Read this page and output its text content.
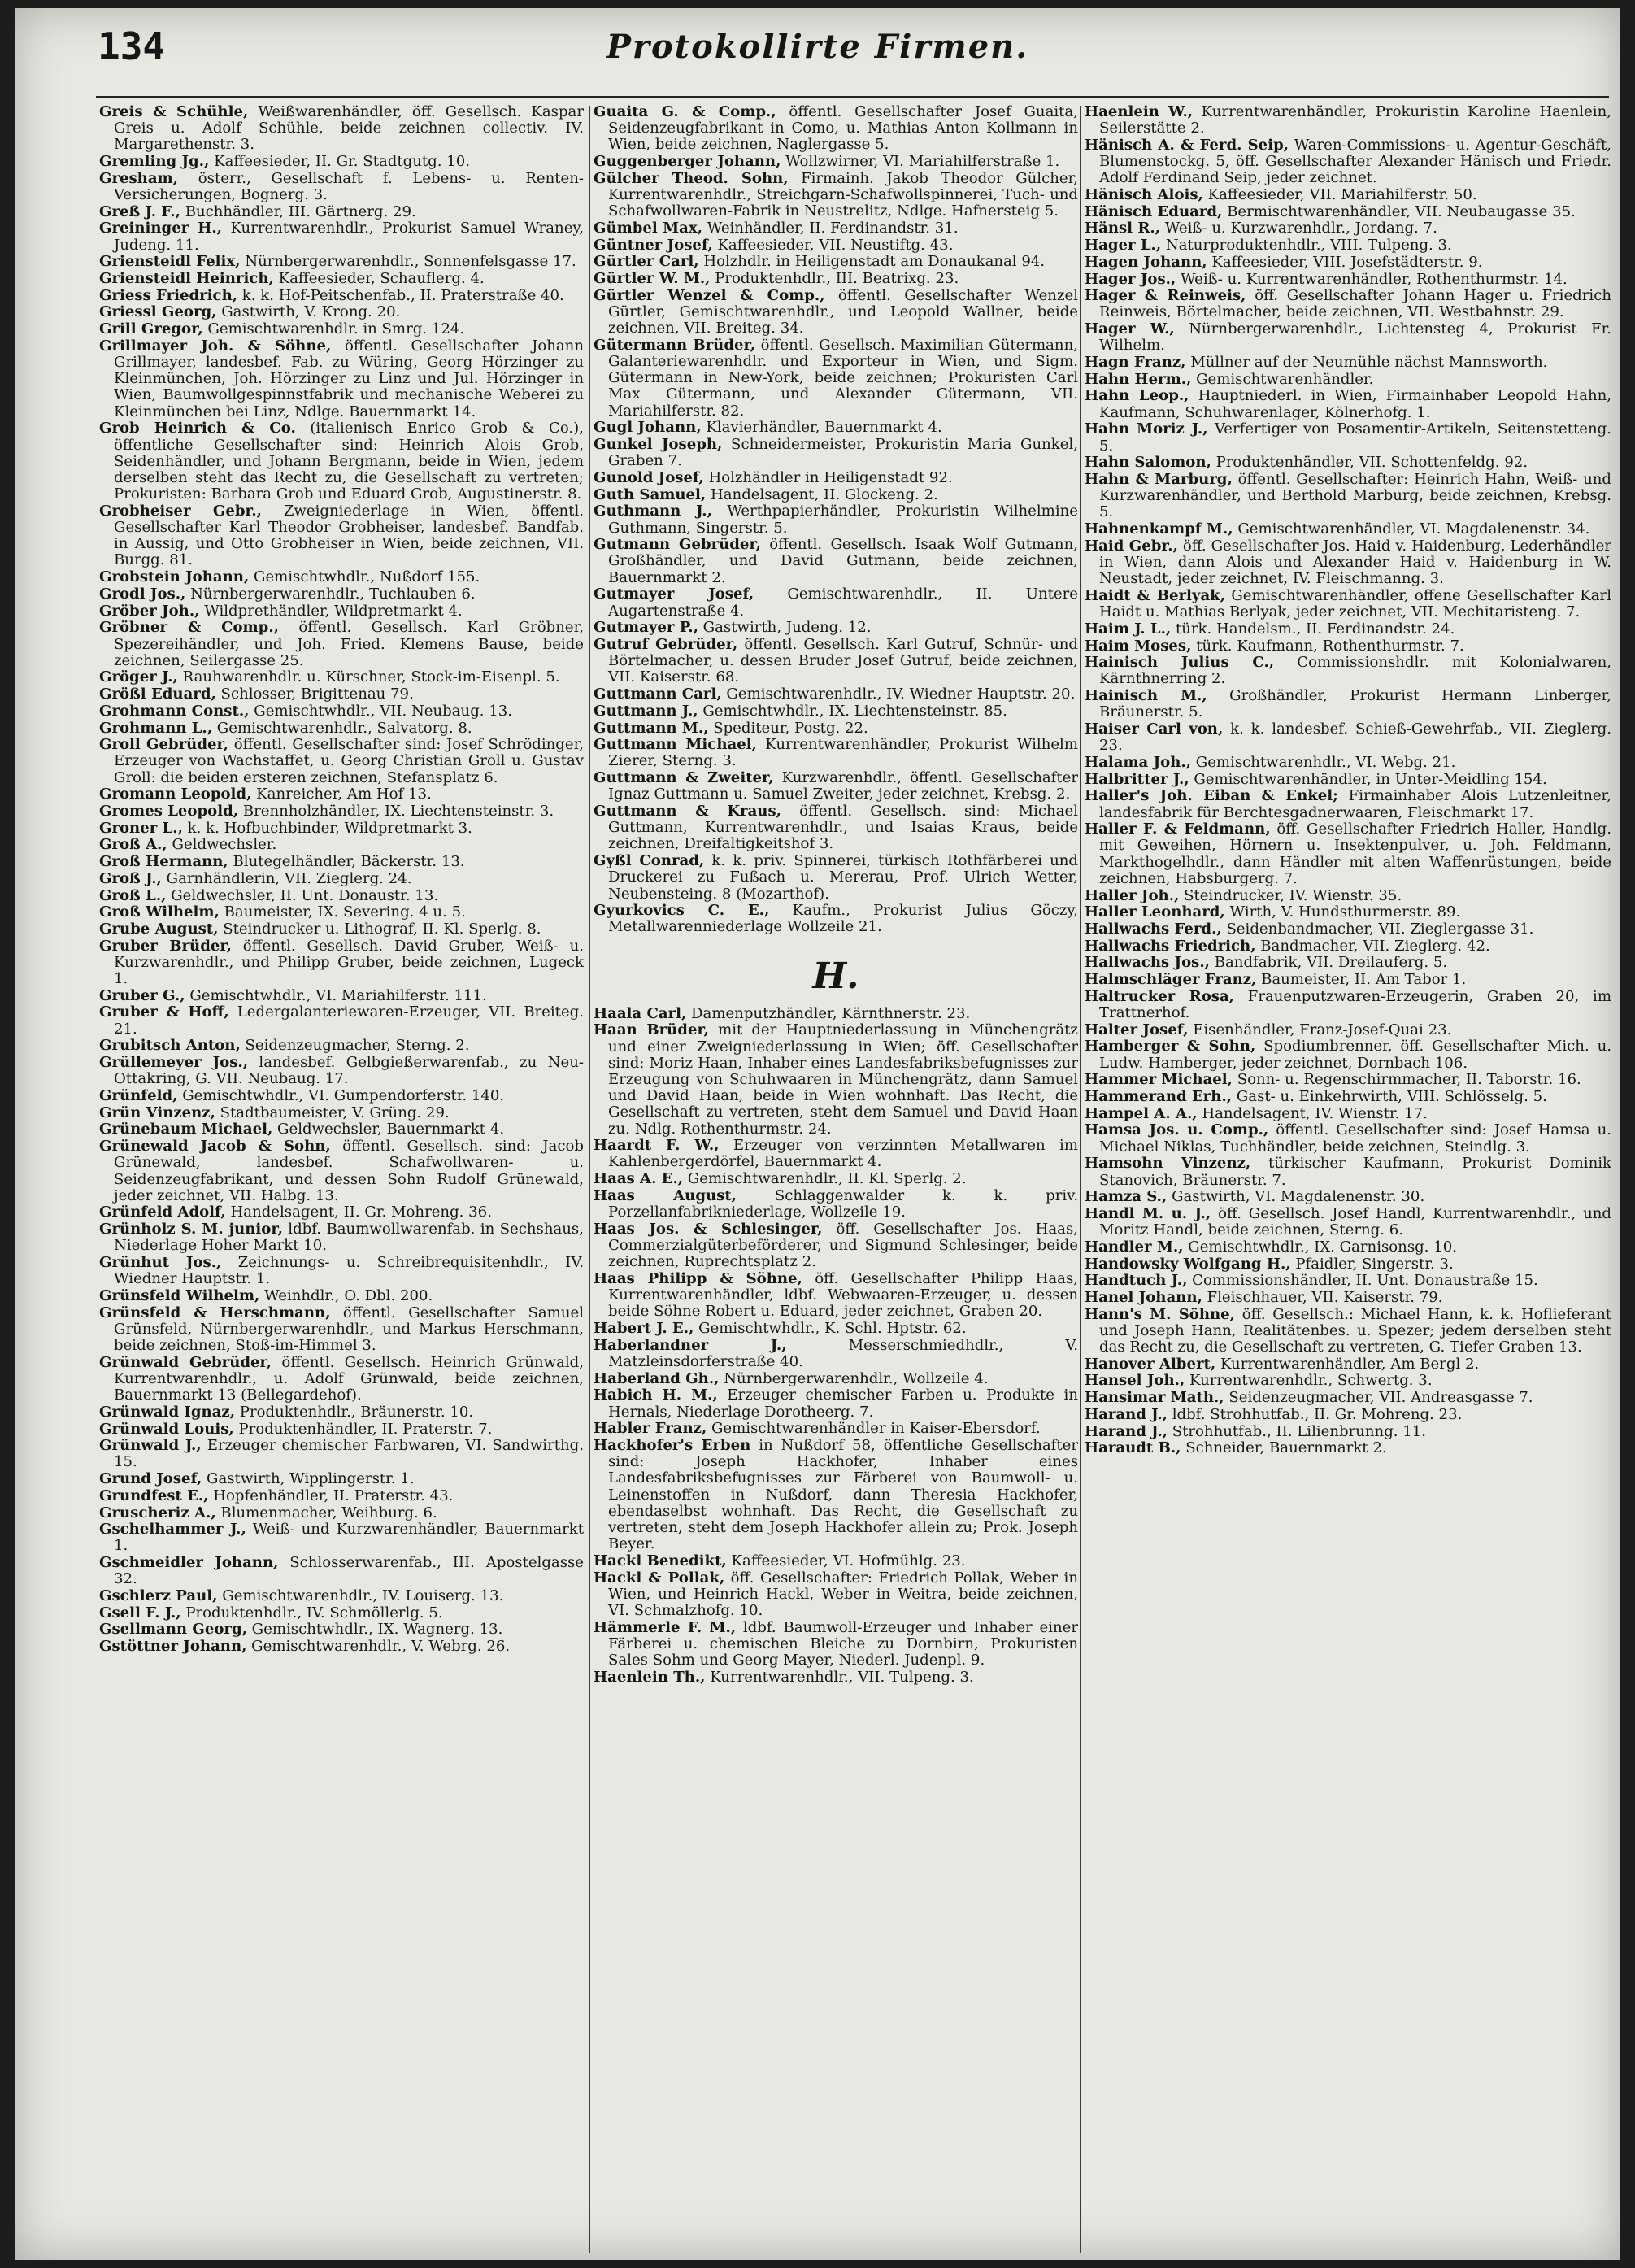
134	Protokollirte Firmen.

Greis & Schühle, Weißwarenhändler, öff. Gesellsch. Kaspar Greis u. Adolf Schühle, beide zeichnen collectiv. IV. Margarethenstr. 3.

Gremling Jg., Kaffeesieder, II. Gr. Stadtgutg. 10.

Gresham, österr., Gesellschaft f. Lebens- u. Renten-Versicherungen, Bognerg. 3.

Greß J. F., Buchhändler, III. Gärtnerg. 29.

Greininger H., Kurrentwarenhdlr., Prokurist Samuel Wraney, Judeng. 11.

Griensteidl Felix, Nürnbergerwarenhdlr., Sonnenfelsgasse 17.

Griensteidl Heinrich, Kaffeesieder, Schauflerg. 4.

Griess Friedrich, k. k. Hof-Peitschenfab., II. Praterstraße 40.

Griessl Georg, Gastwirth, V. Krong. 20.

Grill Gregor, Gemischtwarenhdlr. in Smrg. 124.

Grillmayer Joh. & Söhne, öffentl. Gesellschafter Johann Grillmayer, landesbef. Fab. zu Würing, Georg Hörzinger zu Kleinmünchen, Joh. Hörzinger zu Linz und Jul. Hörzinger in Wien, Baumwollgespinnstfabrik und mechanische Weberei zu Kleinmünchen bei Linz, Ndlge. Bauernmarkt 14.

Grob Heinrich & Co. (italienisch Enrico Grob & Co.), öffentliche Gesellschafter sind: Heinrich Alois Grob, Seidenhändler, und Johann Bergmann, beide in Wien, jedem derselben steht das Recht zu, die Gesellschaft zu vertreten; Prokuristen: Barbara Grob und Eduard Grob, Augustinerstr. 8.

Grobheiser Gebr., Zweigniederlage in Wien, öffentl. Gesellschafter Karl Theodor Grobheiser, landesbef. Bandfab. in Aussig, und Otto Grobheiser in Wien, beide zeichnen, VII. Burgg. 81.

Grobstein Johann, Gemischtwhdlr., Nußdorf 155.

Grodl Jos., Nürnbergerwarenhdlr., Tuchlauben 6.

Gröber Joh., Wildprethändler, Wildpretmarkt 4.

Gröbner & Comp., öffentl. Gesellsch. Karl Gröbner, Spezereihändler, und Joh. Fried. Klemens Bause, beide zeichnen, Seilergasse 25.

Gröger J., Rauhwarenhdlr. u. Kürschner, Stock-im-Eisenpl. 5.

Größl Eduard, Schlosser, Brigittenau 79.

Grohmann Const., Gemischtwhdlr., VII. Neubaug. 13.

Grohmann L., Gemischtwarenhdlr., Salvatorg. 8.

Groll Gebrüder, öffentl. Gesellschafter sind: Josef Schrödinger, Erzeuger von Wachstaffet, u. Georg Christian Groll u. Gustav Groll: die beiden ersteren zeichnen, Stefansplatz 6.

Gromann Leopold, Kanreicher, Am Hof 13.

Gromes Leopold, Brennholzhändler, IX. Liechtensteinstr. 3.

Groner L., k. k. Hofbuchbinder, Wildpretmarkt 3.

Groß A., Geldwechsler.

Groß Hermann, Blutegelhändler, Bäckerstr. 13.

Groß J., Garnhändlerin, VII. Zieglerg. 24.

Groß L., Geldwechsler, II. Unt. Donaustr. 13.

Groß Wilhelm, Baumeister, IX. Severing. 4 u. 5.

Grube August, Steindrucker u. Lithograf, II. Kl. Sperlg. 8.

Gruber Brüder, öffentl. Gesellsch. David Gruber, Weiß- u. Kurzwarenhdlr., und Philipp Gruber, beide zeichnen, Lugeck 1.

Gruber G., Gemischtwhdlr., VI. Mariahilferstr. 111.

Gruber & Hoff, Ledergalanteriewaren-Erzeuger, VII. Breiteg. 21.

Grubitsch Anton, Seidenzeugmacher, Sterng. 2.

Grüllemeyer Jos., landesbef. Gelbgießerwarenfab., zu Neu-Ottakring, G. VII. Neubaug. 17.

Grünfeld, Gemischtwhdlr., VI. Gumpendorferstr. 140.

Grün Vinzenz, Stadtbaumeister, V. Grüng. 29.

Grünebaum Michael, Geldwechsler, Bauernmarkt 4.

Grünewald Jacob & Sohn, öffentl. Gesellsch. sind: Jacob Grünewald, landesbef. Schafwollwaren- u. Seidenzeugfabrikant, und dessen Sohn Rudolf Grünewald, jeder zeichnet, VII. Halbg. 13.

Grünfeld Adolf, Handelsagent, II. Gr. Mohreng. 36.

Grünholz S. M. junior, ldbf. Baumwollwarenfab. in Sechshaus, Niederlage Hoher Markt 10.

Grünhut Jos., Zeichnungs- u. Schreibrequisitenhdlr., IV. Wiedner Hauptstr. 1.

Grünsfeld Wilhelm, Weinhdlr., O. Dbl. 200.

Grünsfeld & Herschmann, öffentl. Gesellschafter Samuel Grünsfeld, Nürnbergerwarenhdlr., und Markus Herschmann, beide zeichnen, Stoß-im-Himmel 3.

Grünwald Gebrüder, öffentl. Gesellsch. Heinrich Grünwald, Kurrentwarenhdlr., u. Adolf Grünwald, beide zeichnen, Bauernmarkt 13 (Bellegardehof).

Grünwald Ignaz, Produktenhdlr., Bräunerstr. 10.

Grünwald Louis, Produktenhändler, II. Praterstr. 7.

Grünwald J., Erzeuger chemischer Farbwaren, VI. Sandwirthg. 15.

Grund Josef, Gastwirth, Wipplingerstr. 1.

Grundfest E., Hopfenhändler, II. Praterstr. 43.

Gruscheriz A., Blumenmacher, Weihburg. 6.

Gschelhammer J., Weiß- und Kurzwarenhändler, Bauernmarkt 1.

Gschmeidler Johann, Schlosserwarenfab., III. Apostelgasse 32.

Gschlerz Paul, Gemischtwarenhdlr., IV. Louiserg. 13.

Gsell F. J., Produktenhdlr., IV. Schmöllerlg. 5.

Gsellmann Georg, Gemischtwhdlr., IX. Wagnerg. 13.

Gstöttner Johann, Gemischtwarenhdlr., V. Webrg. 26.

Guaita G. & Comp., öffentl. Gesellschafter Josef Guaita, Seidenzeugfabrikant in Como, u. Mathias Anton Kollmann in Wien, beide zeichnen, Naglergasse 5.

Guggenberger Johann, Wollzwirner, VI. Mariahilferstraße 1.

Gülcher Theod. Sohn, Firmainh. Jakob Theodor Gülcher, Kurrentwarenhdlr., Streichgarn-Schafwollspinnerei, Tuch- und Schafwollwaren-Fabrik in Neustrelitz, Ndlge. Hafnersteig 5.

Gümbel Max, Weinhändler, II. Ferdinandstr. 31.

Güntner Josef, Kaffeesieder, VII. Neustiftg. 43.

Gürtler Carl, Holzhdlr. in Heiligenstadt am Donaukanal 94.

Gürtler W. M., Produktenhdlr., III. Beatrixg. 23.

Gürtler Wenzel & Comp., öffentl. Gesellschafter Wenzel Gürtler, Gemischtwarenhdlr., und Leopold Wallner, beide zeichnen, VII. Breiteg. 34.

Gütermann Brüder, öffentl. Gesellsch. Maximilian Gütermann, Galanteriewarenhdlr. und Exporteur in Wien, und Sigm. Gütermann in New-York, beide zeichnen; Prokuristen Carl Max Gütermann, und Alexander Gütermann, VII. Mariahilferstr. 82.

Gugl Johann, Klavierhändler, Bauernmarkt 4.

Gunkel Joseph, Schneidermeister, Prokuristin Maria Gunkel, Graben 7.

Gunold Josef, Holzhändler in Heiligenstadt 92.

Guth Samuel, Handelsagent, II. Glockeng. 2.

Guthmann J., Werthpapierhändler, Prokuristin Wilhelmine Guthmann, Singerstr. 5.

Gutmann Gebrüder, öffentl. Gesellsch. Isaak Wolf Gutmann, Großhändler, und David Gutmann, beide zeichnen, Bauernmarkt 2.

Gutmayer Josef, Gemischtwarenhdlr., II. Untere Augartenstraße 4.

Gutmayer P., Gastwirth, Judeng. 12.

Gutruf Gebrüder, öffentl. Gesellsch. Karl Gutruf, Schnür- und Börtelmacher, u. dessen Bruder Josef Gutruf, beide zeichnen, VII. Kaiserstr. 68.

Guttmann Carl, Gemischtwarenhdlr., IV. Wiedner Hauptstr. 20.

Guttmann J., Gemischtwhdlr., IX. Liechtensteinstr. 85.

Guttmann M., Spediteur, Postg. 22.

Guttmann Michael, Kurrentwarenhändler, Prokurist Wilhelm Zierer, Sterng. 3.

Guttmann & Zweiter, Kurzwarenhdlr., öffentl. Gesellschafter Ignaz Guttmann u. Samuel Zweiter, jeder zeichnet, Krebsg. 2.

Guttmann & Kraus, öffentl. Gesellsch. sind: Michael Guttmann, Kurrentwarenhdlr., und Isaias Kraus, beide zeichnen, Dreifaltigkeitshof 3.

Gyßl Conrad, k. k. priv. Spinnerei, türkisch Rothfärberei und Druckerei zu Fußach u. Mererau, Prof. Ulrich Wetter, Neubensteing. 8 (Mozarthof).

Gyurkovics C. E., Kaufm., Prokurist Julius Göczy, Metallwarenniederlage Wollzeile 21.

H.

Haala Carl, Damenputzhändler, Kärnthnerstr. 23.

Haan Brüder, mit der Hauptniederlassung in Münchengrätz und einer Zweigniederlassung in Wien; öff. Gesellschafter sind: Moriz Haan, Inhaber eines Landesfabriksbefugnisses zur Erzeugung von Schuhwaaren in Münchengrätz, dann Samuel und David Haan, beide in Wien wohnhaft. Das Recht, die Gesellschaft zu vertreten, steht dem Samuel und David Haan zu. Ndlg. Rothenthurmstr. 24.

Haardt F. W., Erzeuger von verzinnten Metallwaren im Kahlenbergerdörfel, Bauernmarkt 4.

Haas A. E., Gemischtwarenhdlr., II. Kl. Sperlg. 2.

Haas August,	Schlaggenwalder k. k. priv. Porzellanfabrikniederlage, Wollzeile 19.

Haas Jos. & Schlesinger, öff. Gesellschafter Jos. Haas, Commerzialgüterbeförderer, und Sigmund Schlesinger, beide zeichnen, Ruprechtsplatz 2.

Haas Philipp & Söhne, öff. Gesellschafter Philipp Haas, Kurrentwarenhändler, ldbf. Webwaaren-Erzeuger, u. dessen beide Söhne Robert u. Eduard, jeder zeichnet, Graben 20.

Habert J. E., Gemischtwhdlr., K. Schl. Hptstr. 62.

Haberlandner J.,	Messerschmiedhdlr., V. Matzleinsdorferstraße 40.

Haberland Gh., Nürnbergerwarenhdlr., Wollzeile 4.

Habich H. M., Erzeuger chemischer Farben u. Produkte in Hernals, Niederlage Dorotheerg. 7.

Habler Franz, Gemischtwarenhändler in Kaiser-Ebersdorf.

Hackhofer's Erben in Nußdorf 58, öffentliche Gesellschafter sind: Joseph Hackhofer, Inhaber eines Landesfabriksbefugnisses zur Färberei von Baumwoll- u. Leinenstoffen in Nußdorf, dann Theresia Hackhofer, ebendaselbst wohnhaft. Das Recht, die Gesellschaft zu vertreten, steht dem Joseph Hackhofer allein zu; Prok. Joseph Beyer.

Hackl Benedikt, Kaffeesieder, VI. Hofmühlg. 23.

Hackl & Pollak, öff. Gesellschafter: Friedrich Pollak, Weber in Wien, und Heinrich Hackl, Weber in Weitra, beide zeichnen, VI. Schmalzhofg. 10.

Hämmerle F. M., ldbf. Baumwoll-Erzeuger und Inhaber einer Färberei u. chemischen Bleiche zu Dornbirn, Prokuristen Sales Sohm und Georg Mayer, Niederl. Judenpl. 9.

Haenlein Th., Kurrentwarenhdlr., VII. Tulpeng. 3.

Haenlein W., Kurrentwarenhändler, Prokuristin Karoline Haenlein, Seilerstätte 2.

Hänisch A. & Ferd. Seip, Waren-Commissions- u. Agentur-Geschäft, Blumenstockg. 5, öff. Gesellschafter Alexander Hänisch und Friedr. Adolf Ferdinand Seip, jeder zeichnet.

Hänisch Alois, Kaffeesieder, VII. Mariahilferstr. 50.

Hänisch Eduard, Bermischtwarenhändler, VII. Neubaugasse 35.

Hänsl R., Weiß- u. Kurzwarenhdlr., Jordang. 7.

Hager L., Naturproduktenhdlr., VIII. Tulpeng. 3.

Hagen Johann, Kaffeesieder, VIII. Josefstädterstr. 9.

Hager Jos., Weiß- u. Kurrentwarenhändler, Rothenthurmstr. 14.

Hager & Reinweis, öff. Gesellschafter Johann Hager u. Friedrich Reinweis, Börtelmacher, beide zeichnen, VII. Westbahnstr. 29.

Hager W., Nürnbergerwarenhdlr., Lichtensteg 4, Prokurist Fr. Wilhelm.

Hagn Franz, Müllner auf der Neumühle nächst Mannsworth.

Hahn Herm., Gemischtwarenhändler.

Hahn Leop., Hauptniederl. in Wien, Firmainhaber Leopold Hahn, Kaufmann, Schuhwarenlager, Kölnerhofg. 1.

Hahn Moriz J., Verfertiger von Posamentir-Artikeln, Seitenstetteng. 5.

Hahn Salomon, Produktenhändler, VII. Schottenfeldg. 92.

Hahn & Marburg, öffentl. Gesellschafter: Heinrich Hahn, Weiß- und Kurzwarenhändler, und Berthold Marburg, beide zeichnen, Krebsg. 5.

Hahnenkampf M., Gemischtwarenhändler, VI. Magdalenenstr. 34.

Haid Gebr., öff. Gesellschafter Jos. Haid v. Haidenburg, Lederhändler in Wien, dann Alois und Alexander Haid v. Haidenburg in W. Neustadt, jeder zeichnet, IV. Fleischmanng. 3.

Haidt & Berlyak, Gemischtwarenhändler, offene Gesellschafter Karl Haidt u. Mathias Berlyak, jeder zeichnet, VII. Mechitaristeng. 7.

Haim J. L., türk. Handelsm., II. Ferdinandstr. 24.

Haim Moses, türk. Kaufmann, Rothenthurmstr. 7.

Hainisch Julius C., Commissionshdlr. mit Kolonialwaren, Kärnthnerring 2.

Hainisch M., Großhändler, Prokurist Hermann Linberger, Bräunerstr. 5.

Haiser Carl von, k. k. landesbef. Schieß-Gewehrfab., VII. Zieglerg. 23.

Halama Joh., Gemischtwarenhdlr., VI. Webg. 21.

Halbritter J., Gemischtwarenhändler, in Unter-Meidling 154.

Haller's Joh. Eiban & Enkel; Firmainhaber Alois Lutzenleitner, landesfabrik für Berchtesgadnerwaaren, Fleischmarkt 17.

Haller F. & Feldmann, öff. Gesellschafter Friedrich Haller, Handlg. mit Geweihen, Hörnern u. Insektenpulver, u. Joh. Feldmann, Markthogelhdlr., dann Händler mit alten Waffenrüstungen, beide zeichnen, Habsburgerg. 7.

Haller Joh., Steindrucker, IV. Wienstr. 35.

Haller Leonhard, Wirth, V. Hundsthurmerstr. 89.

Hallwachs Ferd., Seidenbandmacher, VII. Zieglergasse 31.

Hallwachs Friedrich, Bandmacher, VII. Zieglerg. 42.

Hallwachs Jos., Bandfabrik, VII. Dreilauferg. 5.

Halmschläger Franz, Baumeister, II. Am Tabor 1.

Haltrucker Rosa, Frauenputzwaren-Erzeugerin, Graben 20, im Trattnerhof.

Halter Josef, Eisenhändler, Franz-Josef-Quai 23.

Hamberger & Sohn, Spodiumbrenner, öff. Gesellschafter Mich. u. Ludw. Hamberger, jeder zeichnet, Dornbach 106.

Hammer Michael, Sonn- u. Regenschirmmacher, II. Taborstr. 16.

Hammerand Erh., Gast- u. Einkehrwirth, VIII. Schlösselg. 5.

Hampel A. A., Handelsagent, IV. Wienstr. 17.

Hamsa Jos. u. Comp., öffentl. Gesellschafter sind: Josef Hamsa u. Michael Niklas, Tuchhändler, beide zeichnen, Steindlg. 3.

Hamsohn Vinzenz, türkischer Kaufmann, Prokurist Dominik Stanovich, Bräunerstr. 7.

Hamza S., Gastwirth, VI. Magdalenenstr. 30.

Handl M. u. J., öff. Gesellsch. Josef Handl, Kurrentwarenhdlr., und Moritz Handl, beide zeichnen, Sterng. 6.

Handler M., Gemischtwhdlr., IX. Garnisonsg. 10.

Handowsky Wolfgang H., Pfaidler, Singerstr. 3.

Handtuch J., Commissionshändler, II. Unt. Donaustraße 15.

Hanel Johann, Fleischhauer, VII. Kaiserstr. 79.

Hann's M. Söhne, öff. Gesellsch.: Michael Hann, k. k. Hoflieferant und Joseph Hann, Realitätenbes. u. Spezer; jedem derselben steht das Recht zu, die Gesellschaft zu vertreten, G. Tiefer Graben 13.

Hanover Albert, Kurrentwarenhändler, Am Bergl 2.

Hansel Joh., Kurrentwarenhdlr., Schwertg. 3.

Hansimar Math., Seidenzeugmacher, VII. Andreasgasse 7.

Harand J., ldbf. Strohhutfab., II. Gr. Mohreng. 23.

Harand J., Strohhutfab., II. Lilienbrunng. 11.

Haraudt B., Schneider, Bauernmarkt 2.
